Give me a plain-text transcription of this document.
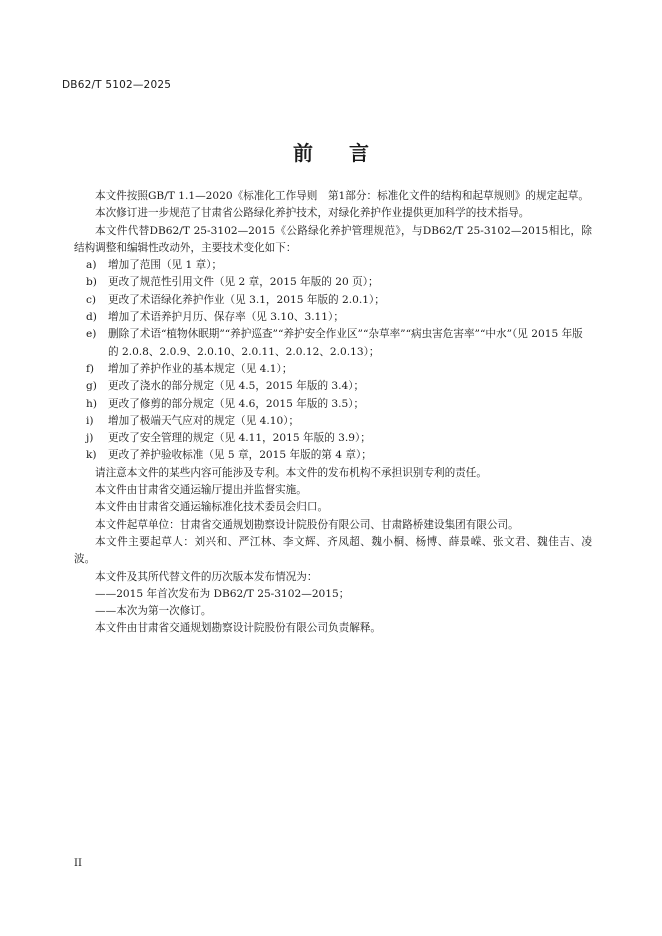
DB62/T 5102—2025
前言

本文件按照GB/T 1.1—2020《标准化工作导则　第1部分：标准化文件的结构和起草规则》的规定起草。

本次修订进一步规范了甘肃省公路绿化养护技术，对绿化养护作业提供更加科学的技术指导。

本文件代替DB62/T 25-3102—2015《公路绿化养护管理规范》，与DB62/T 25-3102—2015相比，除结构调整和编辑性改动外，主要技术变化如下：

a)	增加了范围（见 1 章）；
b)	更改了规范性引用文件（见 2 章，2015 年版的 20 页）；
c)	更改了术语绿化养护作业（见 3.1，2015 年版的 2.0.1）；
d)	增加了术语养护月历、保存率（见 3.10、3.11）；
e)	删除了术语“植物休眠期”“养护巡查”“养护安全作业区”“杂草率”“病虫害危害率”“中水”（见 2015 年版的 2.0.8、2.0.9、2.0.10、2.0.11、2.0.12、2.0.13）；
f)	增加了养护作业的基本规定（见 4.1）；
g)	更改了浇水的部分规定（见 4.5，2015 年版的 3.4）；
h)	更改了修剪的部分规定（见 4.6，2015 年版的 3.5）；
i)	增加了极端天气应对的规定（见 4.10）；
j)	更改了安全管理的规定（见 4.11，2015 年版的 3.9）；
k)	更改了养护验收标准（见 5 章，2015 年版的第 4 章）；

请注意本文件的某些内容可能涉及专利。本文件的发布机构不承担识别专利的责任。

本文件由甘肃省交通运输厅提出并监督实施。

本文件由甘肃省交通运输标准化技术委员会归口。

本文件起草单位：甘肃省交通规划勘察设计院股份有限公司、甘肃路桥建设集团有限公司。

本文件主要起草人：刘兴和、严江林、李文辉、齐凤超、魏小桐、杨博、薛景嵘、张文君、魏佳吉、凌波。

本文件及其所代替文件的历次版本发布情况为：

——2015 年首次发布为 DB62/T 25-3102—2015；

——本次为第一次修订。

本文件由甘肃省交通规划勘察设计院股份有限公司负责解释。

II
